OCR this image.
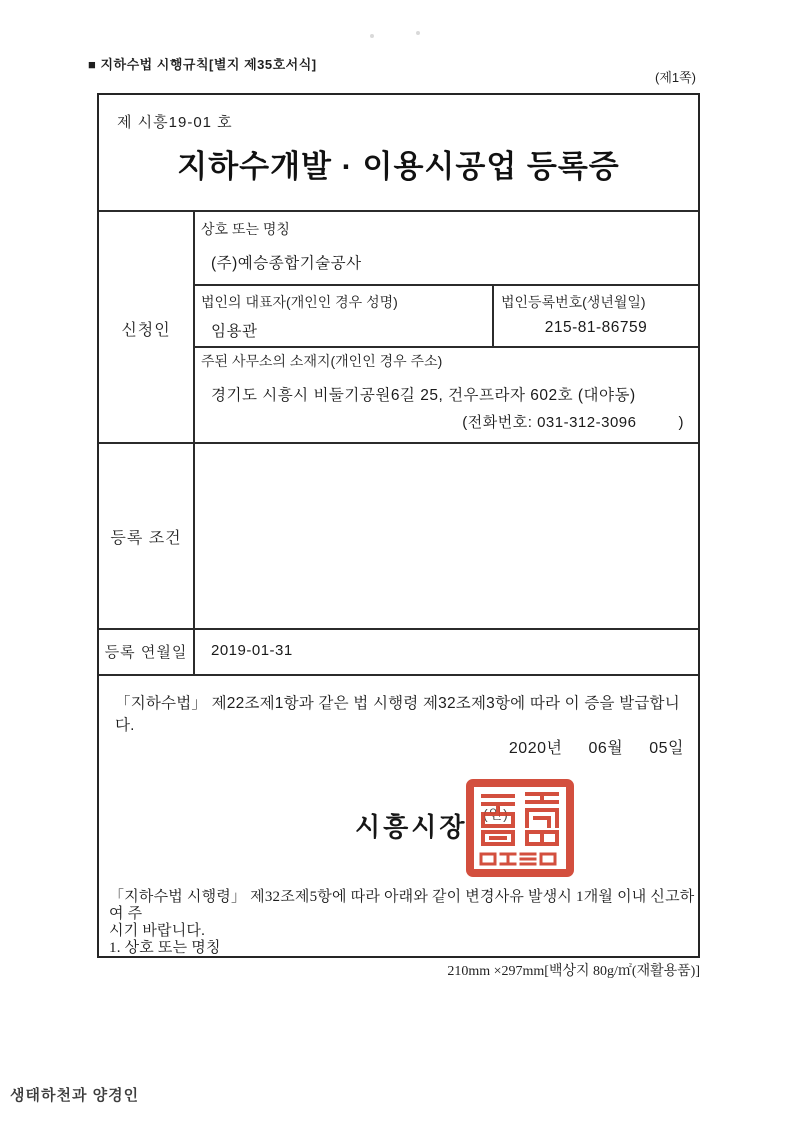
■ 지하수법 시행규칙[별지 제35호서식]
(제1쪽)
제 시흥19-01 호
지하수개발 · 이용시공업 등록증
신청인
등록 조건
등록 연월일
상호 또는 명칭
(주)예승종합기술공사
법인의 대표자(개인인 경우 성명)
임용관
법인등록번호(생년월일)
215-81-86759
주된 사무소의 소재지(개인인 경우 주소)
경기도 시흥시 비둘기공원6길 25, 건우프라자 602호 (대야동)
(전화번호: 031-312-3096	)
2019-01-31
「지하수법」 제22조제1항과 같은 법 시행령 제32조제3항에 따라 이 증을 발급합니다.
2020년 06월 05일
시흥시장 (인)
「지하수법 시행령」 제32조제5항에 따라 아래와 같이 변경사유 발생시 1개월 이내 신고하여 주
시기 바랍니다.
1. 상호 또는 명칭
210mm ×297mm[백상지 80g/㎡(재활용품)]
생태하천과 양경인
